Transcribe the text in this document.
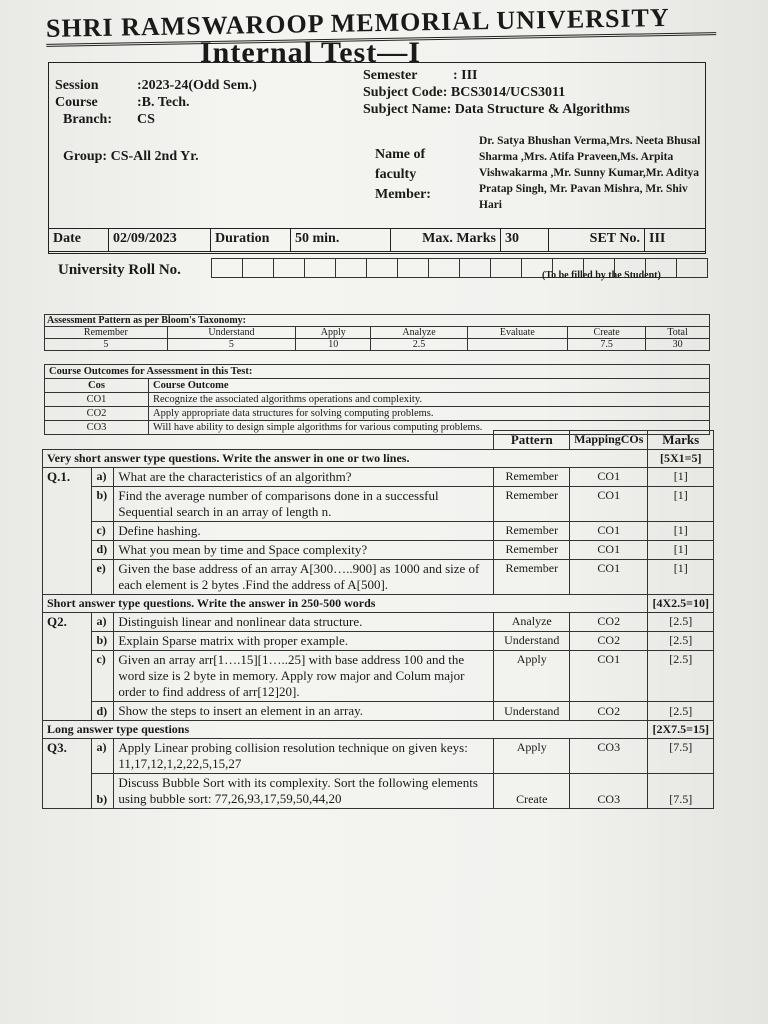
SHRI RAMSWAROOP MEMORIAL UNIVERSITY
Internal Test—I
Session	:2023-24(Odd Sem.)
Course	:B. Tech.
Branch: CS
Group: CS-All 2nd Yr.
Semester	: III
Subject Code: BCS3014/UCS3011
Subject Name: Data Structure & Algorithms
Name of faculty Member:
Dr. Satya Bhushan Verma,Mrs. Neeta Bhusal Sharma ,Mrs. Atifa Praveen,Ms. Arpita Vishwakarma ,Mr. Sunny Kumar,Mr. Aditya Pratap Singh, Mr. Pavan Mishra, Mr. Shiv Hari
Date	02/09/2023	Duration	50 min.	Max. Marks 30	SET No. III
University Roll No.	(To be filled by the Student)
Assessment Pattern as per Bloom's Taxonomy:						
Remember	Understand	Apply	Analyze	Evaluate	Create	Total
5	5	10	2.5		7.5	30
Course Outcomes for Assessment in this Test:	
Cos	Course Outcome
CO1	Recognize the associated algorithms operations and complexity.
CO2	Apply appropriate data structures for solving computing problems.
CO3	Will have ability to design simple algorithms for various computing problems.
			Pattern	MappingCOs	Marks
Very short answer type questions. Write the answer in one or two lines.					[5X1=5]
Q.1.	a)	What are the characteristics of an algorithm?	Remember	CO1	[1]
	b)	Find the average number of comparisons done in a successful Sequential search in an array of length n.	Remember	CO1	[1]
	c)	Define hashing.	Remember	CO1	[1]
	d)	What you mean by time and Space complexity?	Remember	CO1	[1]
	e)	Given the base address of an array A[300…..900] as 1000 and size of each element is 2 bytes .Find the address of A[500].	Remember	CO1	[1]
Short answer type questions. Write the answer in 250-500 words					[4X2.5=10]
Q2.	a)	Distinguish linear and nonlinear data structure.	Analyze	CO2	[2.5]
	b)	Explain Sparse matrix with proper example.	Understand	CO2	[2.5]
	c)	Given an array arr[1….15][1…..25] with base address 100 and the word size is 2 byte in memory. Apply row major and Colum major order to find address of arr[12]20].	Apply	CO1	[2.5]
	d)	Show the steps to insert an element in an array.	Understand	CO2	[2.5]
Long answer type questions					[2X7.5=15]
Q3.	a)	Apply Linear probing collision resolution technique on given keys: 11,17,12,1,2,22,5,15,27	Apply	CO3	[7.5]
	b)	Discuss Bubble Sort with its complexity. Sort the following elements using bubble sort: 77,26,93,17,59,50,44,20	Create	CO3	[7.5]
